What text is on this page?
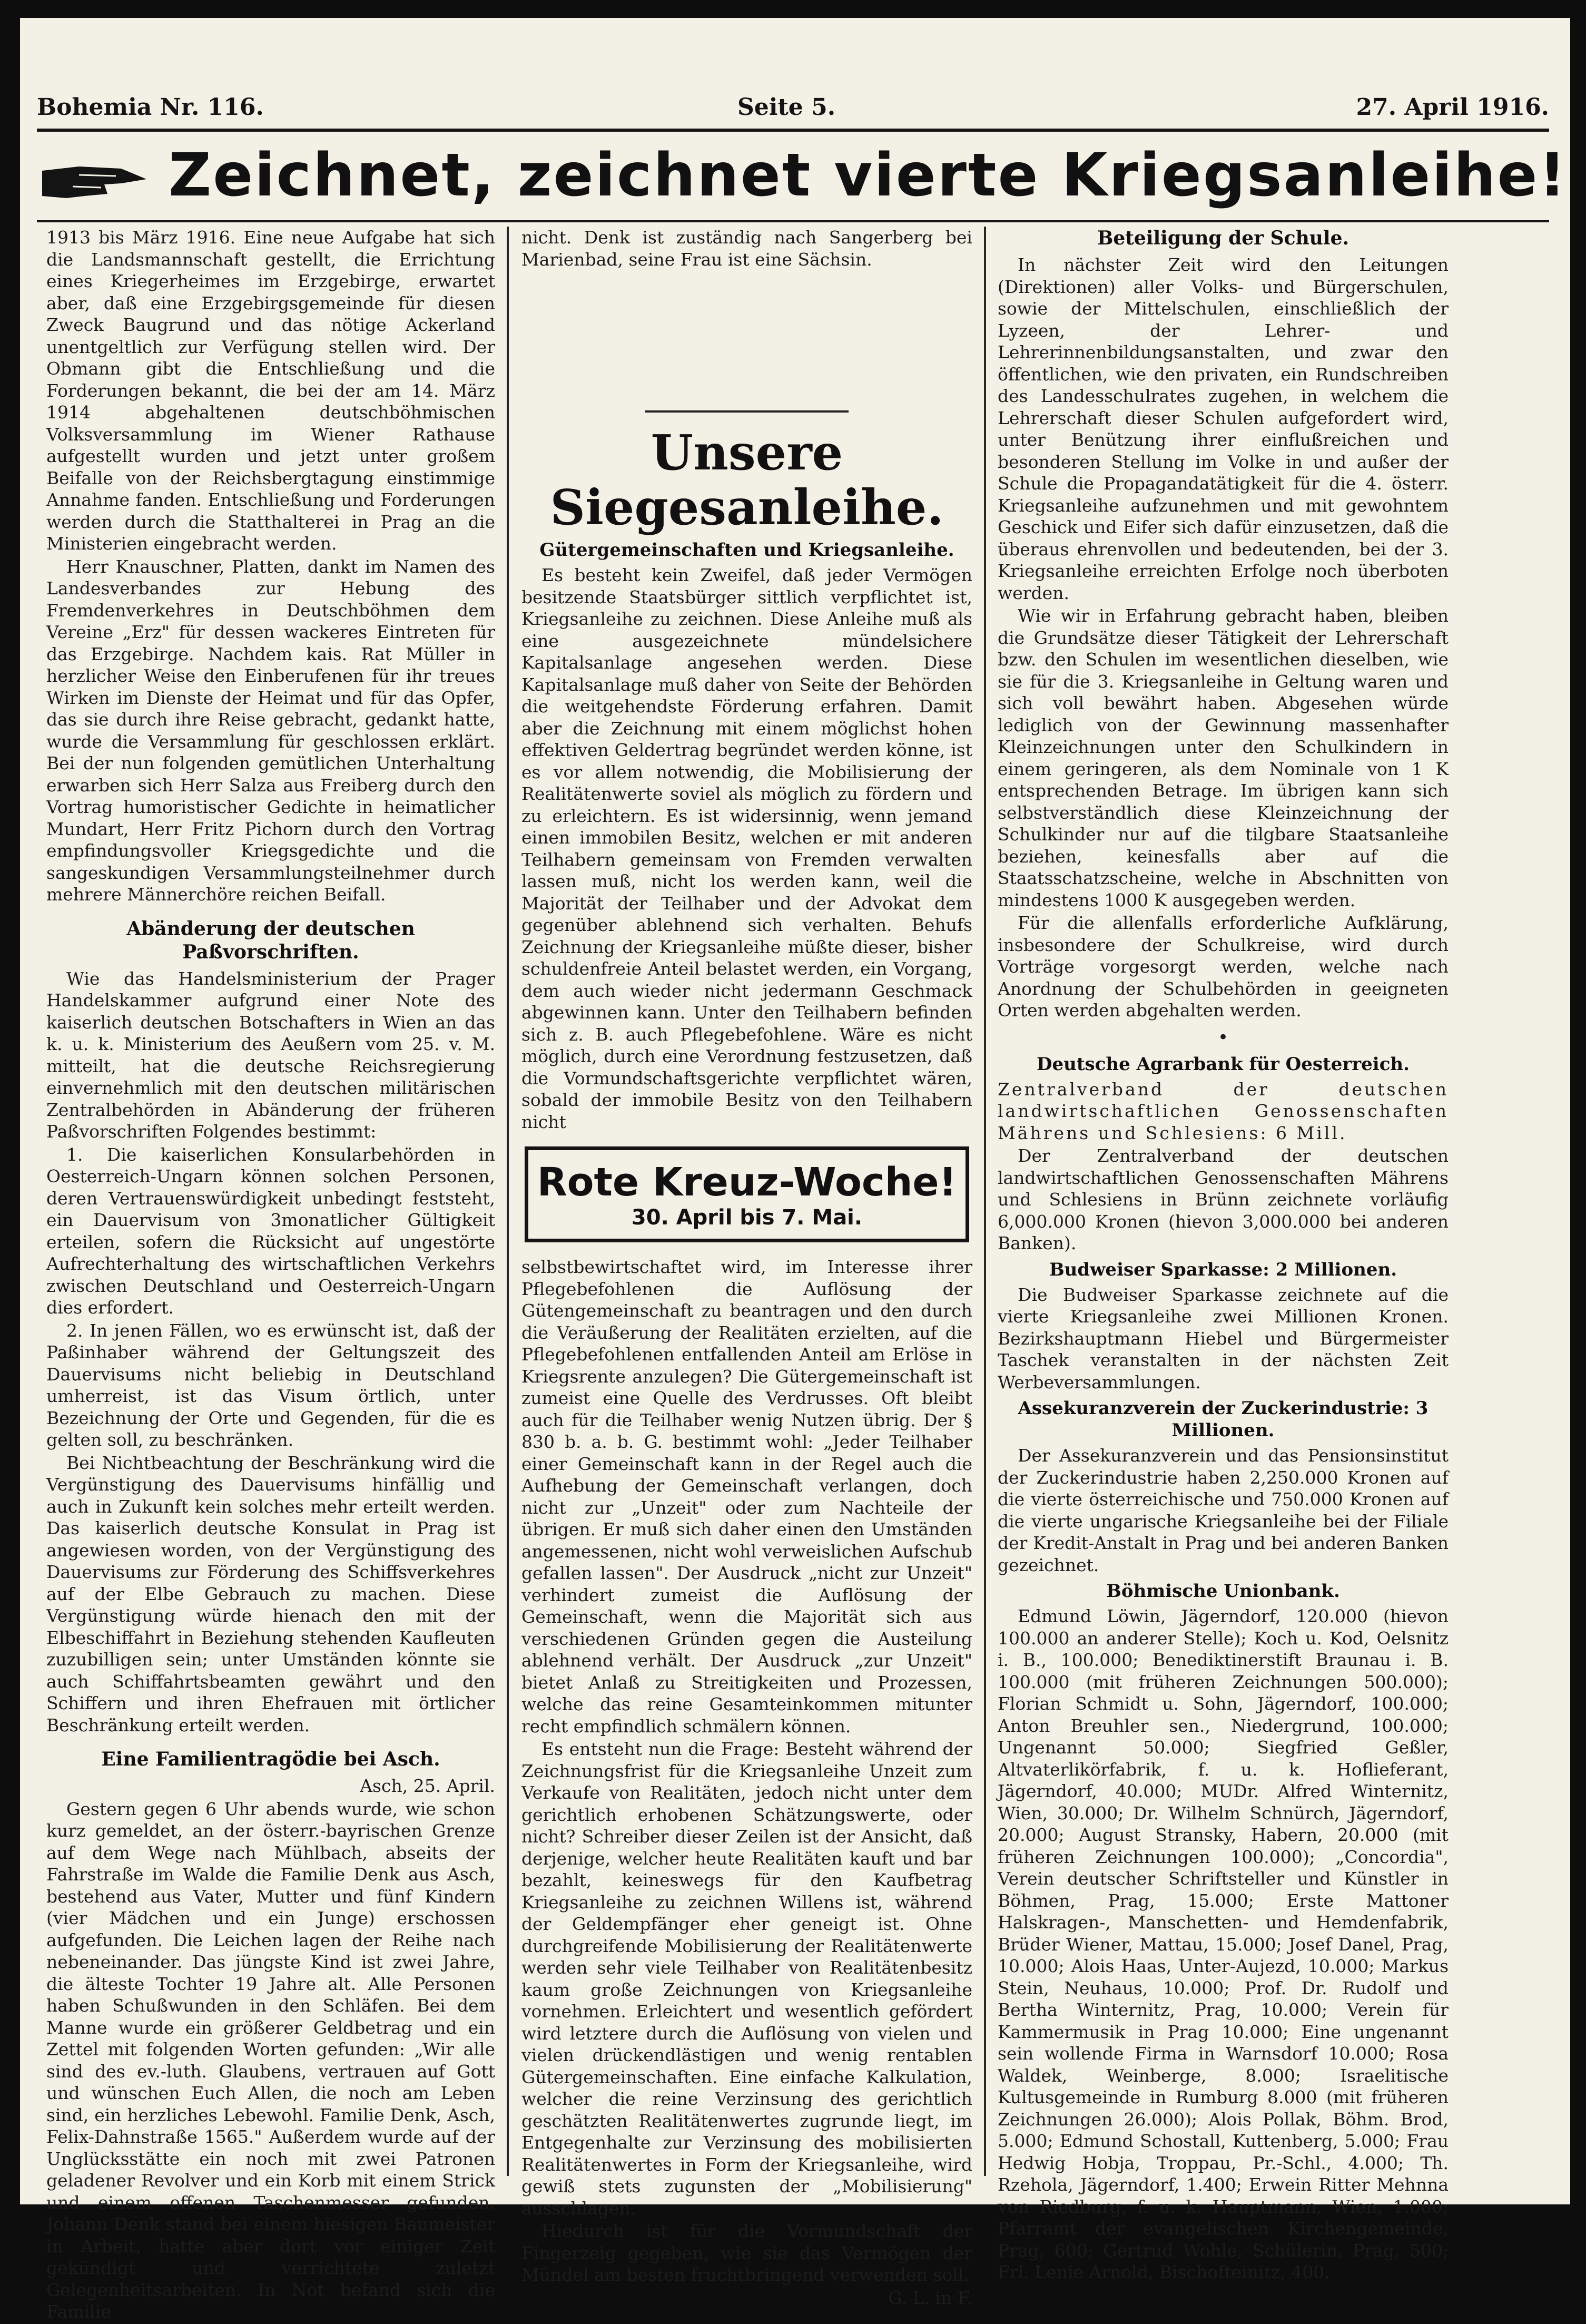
Bohemia Nr. 116.	Seite 5.	27. April 1916.
Zeichnet, zeichnet vierte Kriegsanleihe!

1913 bis März 1916. Eine neue Aufgabe hat sich die Landsmannschaft gestellt, die Errichtung eines Kriegerheimes im Erzgebirge, erwartet aber, daß eine Erzgebirgsgemeinde für diesen Zweck Baugrund und das nötige Ackerland unentgeltlich zur Verfügung stellen wird. Der Obmann gibt die Entschließung und die Forderungen bekannt, die bei der am 14. März 1914 abgehaltenen deutschböhmischen Volksversammlung im Wiener Rathause aufgestellt wurden und jetzt unter großem Beifalle von der Reichsbergtagung einstimmige Annahme fanden. Entschließung und Forderungen werden durch die Statthalterei in Prag an die Ministerien eingebracht werden.

Herr Knauschner, Platten, dankt im Namen des Landesverbandes zur Hebung des Fremdenverkehres in Deutschböhmen dem Vereine „Erz" für dessen wackeres Eintreten für das Erzgebirge. Nachdem kais. Rat Müller in herzlicher Weise den Einberufenen für ihr treues Wirken im Dienste der Heimat und für das Opfer, das sie durch ihre Reise gebracht, gedankt hatte, wurde die Versammlung für geschlossen erklärt. Bei der nun folgenden gemütlichen Unterhaltung erwarben sich Herr Salza aus Freiberg durch den Vortrag humoristischer Gedichte in heimatlicher Mundart, Herr Fritz Pichorn durch den Vortrag empfindungsvoller Kriegsgedichte und die sangeskundigen Versammlungsteilnehmer durch mehrere Männerchöre reichen Beifall.

Abänderung der deutschen Paßvorschriften.

Wie das Handelsministerium der Prager Handelskammer aufgrund einer Note des kaiserlich deutschen Botschafters in Wien an das k. u. k. Ministerium des Aeußern vom 25. v. M. mitteilt, hat die deutsche Reichsregierung einvernehmlich mit den deutschen militärischen Zentralbehörden in Abänderung der früheren Paßvorschriften Folgendes bestimmt:

1. Die kaiserlichen Konsularbehörden in Oesterreich-Ungarn können solchen Personen, deren Vertrauenswürdigkeit unbedingt feststeht, ein Dauervisum von 3monatlicher Gültigkeit erteilen, sofern die Rücksicht auf ungestörte Aufrechterhaltung des wirtschaftlichen Verkehrs zwischen Deutschland und Oesterreich-Ungarn dies erfordert.

2. In jenen Fällen, wo es erwünscht ist, daß der Paßinhaber während der Geltungszeit des Dauervisums nicht beliebig in Deutschland umherreist, ist das Visum örtlich, unter Bezeichnung der Orte und Gegenden, für die es gelten soll, zu beschränken.

Bei Nichtbeachtung der Beschränkung wird die Vergünstigung des Dauervisums hinfällig und auch in Zukunft kein solches mehr erteilt werden. Das kaiserlich deutsche Konsulat in Prag ist angewiesen worden, von der Vergünstigung des Dauervisums zur Förderung des Schiffsverkehres auf der Elbe Gebrauch zu machen. Diese Vergünstigung würde hienach den mit der Elbeschiffahrt in Beziehung stehenden Kaufleuten zuzubilligen sein; unter Umständen könnte sie auch Schiffahrtsbeamten gewährt und den Schiffern und ihren Ehefrauen mit örtlicher Beschränkung erteilt werden.

Eine Familientragödie bei Asch.

Asch, 25. April.

Gestern gegen 6 Uhr abends wurde, wie schon kurz gemeldet, an der österr.-bayrischen Grenze auf dem Wege nach Mühlbach, abseits der Fahrstraße im Walde die Familie Denk aus Asch, bestehend aus Vater, Mutter und fünf Kindern (vier Mädchen und ein Junge) erschossen aufgefunden. Die Leichen lagen der Reihe nach nebeneinander. Das jüngste Kind ist zwei Jahre, die älteste Tochter 19 Jahre alt. Alle Personen haben Schußwunden in den Schläfen. Bei dem Manne wurde ein größerer Geldbetrag und ein Zettel mit folgenden Worten gefunden: „Wir alle sind des ev.-luth. Glaubens, vertrauen auf Gott und wünschen Euch Allen, die noch am Leben sind, ein herzliches Lebewohl. Familie Denk, Asch, Felix-Dahnstraße 1565." Außerdem wurde auf der Unglücksstätte ein noch mit zwei Patronen geladener Revolver und ein Korb mit einem Strick und einem offenen Taschenmesser gefunden. Johann Denk stand bei einem hiesigen Baumeister in Arbeit, hatte aber dort vor einiger Zeit gekündigt und verrichtete zuletzt Gelegenheitsarbeiten. In Not befand sich die Familie

nicht. Denk ist zuständig nach Sangerberg bei Marienbad, seine Frau ist eine Sächsin.

Unsere Siegesanleihe.
Gütergemeinschaften und Kriegsanleihe.

Es besteht kein Zweifel, daß jeder Vermögen besitzende Staatsbürger sittlich verpflichtet ist, Kriegsanleihe zu zeichnen. Diese Anleihe muß als eine ausgezeichnete mündelsichere Kapitalsanlage angesehen werden. Diese Kapitalsanlage muß daher von Seite der Behörden die weitgehendste Förderung erfahren. Damit aber die Zeichnung mit einem möglichst hohen effektiven Geldertrag begründet werden könne, ist es vor allem notwendig, die Mobilisierung der Realitätenwerte soviel als möglich zu fördern und zu erleichtern. Es ist widersinnig, wenn jemand einen immobilen Besitz, welchen er mit anderen Teilhabern gemeinsam von Fremden verwalten lassen muß, nicht los werden kann, weil die Majorität der Teilhaber und der Advokat dem gegenüber ablehnend sich verhalten. Behufs Zeichnung der Kriegsanleihe müßte dieser, bisher schuldenfreie Anteil belastet werden, ein Vorgang, dem auch wieder nicht jedermann Geschmack abgewinnen kann. Unter den Teilhabern befinden sich z. B. auch Pflegebefohlene. Wäre es nicht möglich, durch eine Verordnung festzusetzen, daß die Vormundschaftsgerichte verpflichtet wären, sobald der immobile Besitz von den Teilhabern nicht

Rote Kreuz-Woche!
30. April bis 7. Mai.

selbstbewirtschaftet wird, im Interesse ihrer Pflegebefohlenen die Auflösung der Gütengemeinschaft zu beantragen und den durch die Veräußerung der Realitäten erzielten, auf die Pflegebefohlenen entfallenden Anteil am Erlöse in Kriegsrente anzulegen? Die Gütergemeinschaft ist zumeist eine Quelle des Verdrusses. Oft bleibt auch für die Teilhaber wenig Nutzen übrig. Der § 830 b. a. b. G. bestimmt wohl: „Jeder Teilhaber einer Gemeinschaft kann in der Regel auch die Aufhebung der Gemeinschaft verlangen, doch nicht zur „Unzeit" oder zum Nachteile der übrigen. Er muß sich daher einen den Umständen angemessenen, nicht wohl verweislichen Aufschub gefallen lassen". Der Ausdruck „nicht zur Unzeit" verhindert zumeist die Auflösung der Gemeinschaft, wenn die Majorität sich aus verschiedenen Gründen gegen die Austeilung ablehnend verhält. Der Ausdruck „zur Unzeit" bietet Anlaß zu Streitigkeiten und Prozessen, welche das reine Gesamteinkommen mitunter recht empfindlich schmälern können.

Es entsteht nun die Frage: Besteht während der Zeichnungsfrist für die Kriegsanleihe Unzeit zum Verkaufe von Realitäten, jedoch nicht unter dem gerichtlich erhobenen Schätzungswerte, oder nicht? Schreiber dieser Zeilen ist der Ansicht, daß derjenige, welcher heute Realitäten kauft und bar bezahlt, keineswegs für den Kaufbetrag Kriegsanleihe zu zeichnen Willens ist, während der Geldempfänger eher geneigt ist. Ohne durchgreifende Mobilisierung der Realitätenwerte werden sehr viele Teilhaber von Realitätenbesitz kaum große Zeichnungen von Kriegsanleihe vornehmen. Erleichtert und wesentlich gefördert wird letztere durch die Auflösung von vielen und vielen drückendlästigen und wenig rentablen Gütergemeinschaften. Eine einfache Kalkulation, welcher die reine Verzinsung des gerichtlich geschätzten Realitätenwertes zugrunde liegt, im Entgegenhalte zur Verzinsung des mobilisierten Realitätenwertes in Form der Kriegsanleihe, wird gewiß stets zugunsten der „Mobilisierung" ausschlagen.

Hiedurch ist für die Vormundschaft der Fingerzeig gegeben, wie sie das Vermögen der Mündel am besten fruchtbringend verwenden soll.

G. L. in F.

Beteiligung der Schule.

In nächster Zeit wird den Leitungen (Direktionen) aller Volks- und Bürgerschulen, sowie der Mittelschulen, einschließlich der Lyzeen, der Lehrer- und Lehrerinnenbildungsanstalten, und zwar den öffentlichen, wie den privaten, ein Rundschreiben des Landesschulrates zugehen, in welchem die Lehrerschaft dieser Schulen aufgefordert wird, unter Benützung ihrer einflußreichen und besonderen Stellung im Volke in und außer der Schule die Propagandatätigkeit für die 4. österr. Kriegsanleihe aufzunehmen und mit gewohntem Geschick und Eifer sich dafür einzusetzen, daß die überaus ehrenvollen und bedeutenden, bei der 3. Kriegsanleihe erreichten Erfolge noch überboten werden.

Wie wir in Erfahrung gebracht haben, bleiben die Grundsätze dieser Tätigkeit der Lehrerschaft bzw. den Schulen im wesentlichen dieselben, wie sie für die 3. Kriegsanleihe in Geltung waren und sich voll bewährt haben. Abgesehen würde lediglich von der Gewinnung massenhafter Kleinzeichnungen unter den Schulkindern in einem geringeren, als dem Nominale von 1 K entsprechenden Betrage. Im übrigen kann sich selbstverständlich diese Kleinzeichnung der Schulkinder nur auf die tilgbare Staatsanleihe beziehen, keinesfalls aber auf die Staatsschatzscheine, welche in Abschnitten von mindestens 1000 K ausgegeben werden.

Für die allenfalls erforderliche Aufklärung, insbesondere der Schulkreise, wird durch Vorträge vorgesorgt werden, welche nach Anordnung der Schulbehörden in geeigneten Orten werden abgehalten werden.

•
Deutsche Agrarbank für Oesterreich.

Zentralverband der deutschen landwirtschaftlichen Genossenschaften Mährens und Schlesiens: 6 Mill.

Der Zentralverband der deutschen landwirtschaftlichen Genossenschaften Mährens und Schlesiens in Brünn zeichnete vorläufig 6,000.000 Kronen (hievon 3,000.000 bei anderen Banken).

Budweiser Sparkasse: 2 Millionen.

Die Budweiser Sparkasse zeichnete auf die vierte Kriegsanleihe zwei Millionen Kronen. Bezirkshauptmann Hiebel und Bürgermeister Taschek veranstalten in der nächsten Zeit Werbeversammlungen.

Assekuranzverein der Zuckerindustrie: 3 Millionen.

Der Assekuranzverein und das Pensionsinstitut der Zuckerindustrie haben 2,250.000 Kronen auf die vierte österreichische und 750.000 Kronen auf die vierte ungarische Kriegsanleihe bei der Filiale der Kredit-Anstalt in Prag und bei anderen Banken gezeichnet.

Böhmische Unionbank.

Edmund Löwin, Jägerndorf, 120.000 (hievon 100.000 an anderer Stelle); Koch u. Kod, Oelsnitz i. B., 100.000; Benediktinerstift Braunau i. B. 100.000 (mit früheren Zeichnungen 500.000); Florian Schmidt u. Sohn, Jägerndorf, 100.000; Anton Breuhler sen., Niedergrund, 100.000; Ungenannt 50.000; Siegfried Geßler, Altvaterlikörfabrik, f. u. k. Hoflieferant, Jägerndorf, 40.000; MUDr. Alfred Winternitz, Wien, 30.000; Dr. Wilhelm Schnürch, Jägerndorf, 20.000; August Stransky, Habern, 20.000 (mit früheren Zeichnungen 100.000); „Concordia", Verein deutscher Schriftsteller und Künstler in Böhmen, Prag, 15.000; Erste Mattoner Halskragen-, Manschetten- und Hemdenfabrik, Brüder Wiener, Mattau, 15.000; Josef Danel, Prag, 10.000; Alois Haas, Unter-Aujezd, 10.000; Markus Stein, Neuhaus, 10.000; Prof. Dr. Rudolf und Bertha Winternitz, Prag, 10.000; Verein für Kammermusik in Prag 10.000; Eine ungenannt sein wollende Firma in Warnsdorf 10.000; Rosa Waldek, Weinberge, 8.000; Israelitische Kultusgemeinde in Rumburg 8.000 (mit früheren Zeichnungen 26.000); Alois Pollak, Böhm. Brod, 5.000; Edmund Schostall, Kuttenberg, 5.000; Frau Hedwig Hobja, Troppau, Pr.-Schl., 4.000; Th. Rzehola, Jägerndorf, 1.400; Erwein Ritter Mehnna von Riedburg, f. u. k. Hauptmann, Wien, 1.000; Pfarramt der evangelischen Kirchengemeinde, Prag, 600; Gertrud Wohle, Schülerin, Prag, 500; Frl. Lenie Arnold, Bischofteinitz, 400.
